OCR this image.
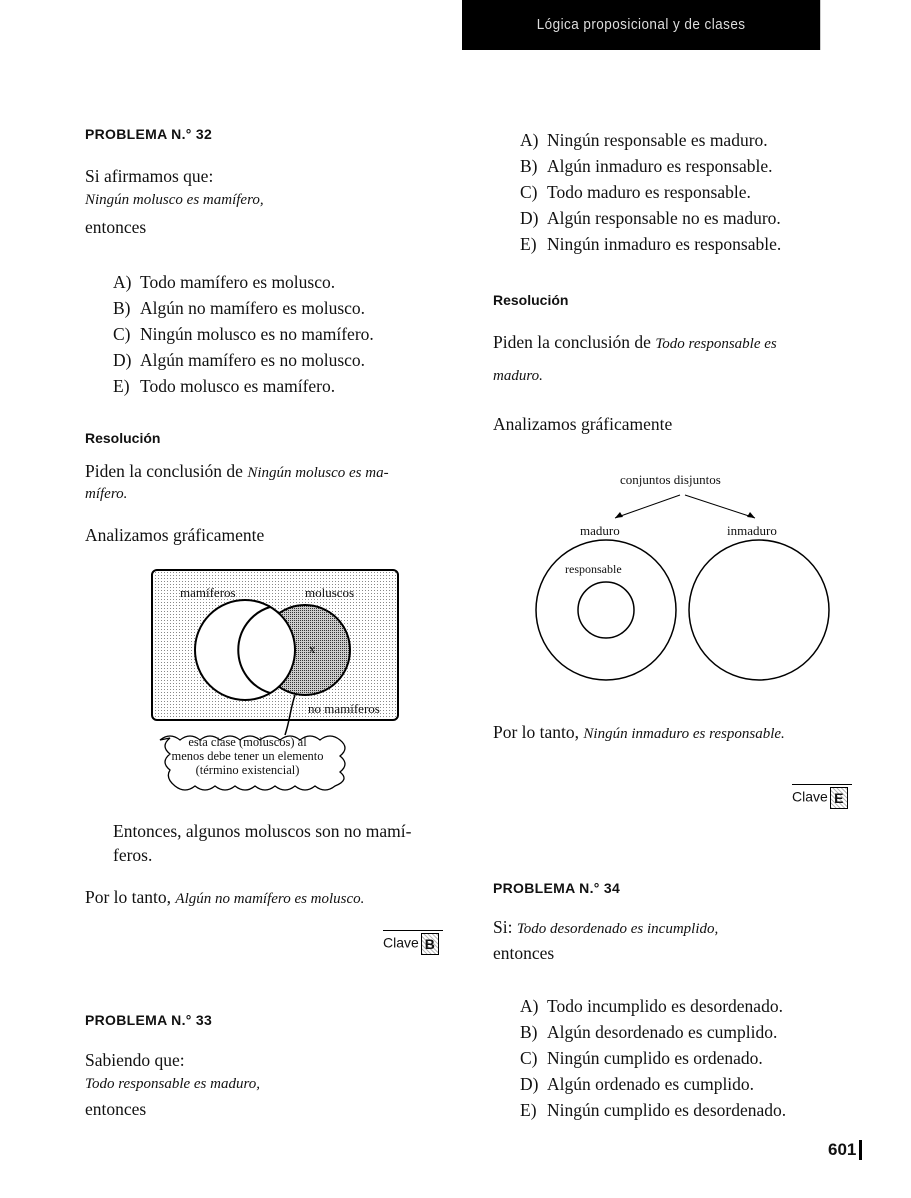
Lógica proposicional y de clases
PROBLEMA N.° 32
Si afirmamos que:
Ningún molusco es mamífero,
entonces
A) Todo mamífero es molusco.
B) Algún no mamífero es molusco.
C) Ningún molusco es no mamífero.
D) Algún mamífero es no molusco.
E) Todo molusco es mamífero.
Resolución
Piden la conclusión de Ningún molusco es ma-
mífero.
Analizamos gráficamente
mamíferos	moluscos
x
no mamíferos
esta clase (moluscos) al
menos debe tener un elemento
(término existencial)
Entonces, algunos moluscos son no mamí-
feros.
Por lo tanto, Algún no mamífero es molusco.
Clave B
PROBLEMA N.° 33
Sabiendo que:
Todo responsable es maduro,
entonces
A) Ningún responsable es maduro.
B) Algún inmaduro es responsable.
C) Todo maduro es responsable.
D) Algún responsable no es maduro.
E) Ningún inmaduro es responsable.
Resolución
Piden la conclusión de Todo responsable es
maduro.
Analizamos gráficamente
conjuntos disjuntos
maduro	inmaduro
responsable
Por lo tanto, Ningún inmaduro es responsable.
Clave E
PROBLEMA N.° 34
Si: Todo desordenado es incumplido,
entonces
A) Todo incumplido es desordenado.
B) Algún desordenado es cumplido.
C) Ningún cumplido es ordenado.
D) Algún ordenado es cumplido.
E) Ningún cumplido es desordenado.
601
